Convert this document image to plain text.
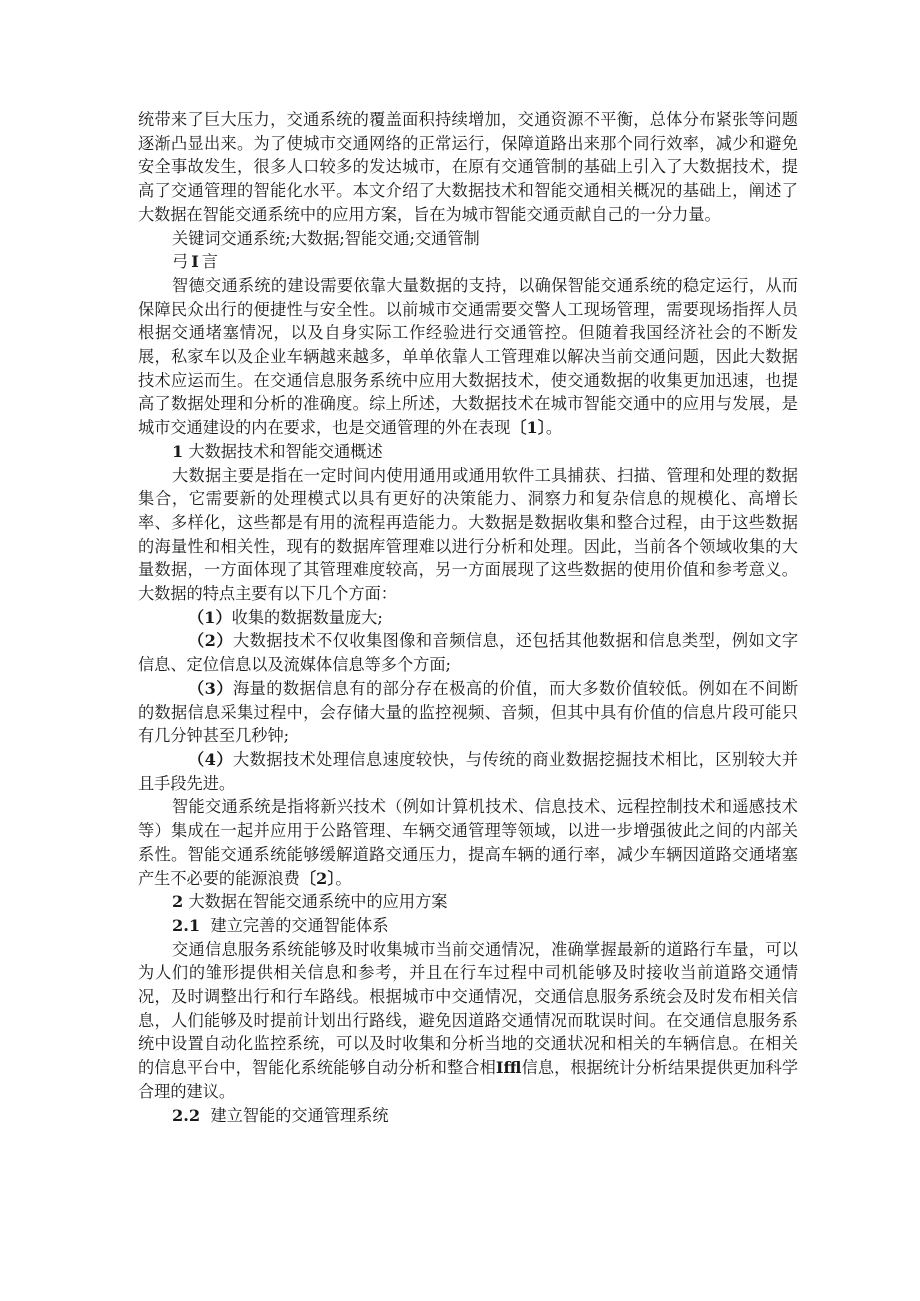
统带来了巨大压力，交通系统的覆盖面积持续增加，交通资源不平衡，总体分布紧张等问题逐渐凸显出来。为了使城市交通网络的正常运行，保障道路出来那个同行效率，减少和避免安全事故发生，很多人口较多的发达城市，在原有交通管制的基础上引入了大数据技术，提高了交通管理的智能化水平。本文介绍了大数据技术和智能交通相关概况的基础上，阐述了大数据在智能交通系统中的应用方案，旨在为城市智能交通贡献自己的一分力量。

关键词交通系统;大数据;智能交通;交通管制

弓 I 言

智德交通系统的建设需要依靠大量数据的支持，以确保智能交通系统的稳定运行，从而保障民众出行的便捷性与安全性。以前城市交通需要交警人工现场管理，需要现场指挥人员根据交通堵塞情况，以及自身实际工作经验进行交通管控。但随着我国经济社会的不断发展，私家车以及企业车辆越来越多，单单依靠人工管理难以解决当前交通问题，因此大数据技术应运而生。在交通信息服务系统中应用大数据技术，使交通数据的收集更加迅速，也提高了数据处理和分析的准确度。综上所述，大数据技术在城市智能交通中的应用与发展，是城市交通建设的内在要求，也是交通管理的外在表现〔1〕。

1 大数据技术和智能交通概述

大数据主要是指在一定时间内使用通用或通用软件工具捕获、扫描、管理和处理的数据集合，它需要新的处理模式以具有更好的决策能力、洞察力和复杂信息的规模化、高增长率、多样化，这些都是有用的流程再造能力。大数据是数据收集和整合过程，由于这些数据的海量性和相关性，现有的数据库管理难以进行分析和处理。因此，当前各个领域收集的大量数据，一方面体现了其管理难度较高，另一方面展现了这些数据的使用价值和参考意义。大数据的特点主要有以下几个方面：

（1）收集的数据数量庞大;

（2）大数据技术不仅收集图像和音频信息，还包括其他数据和信息类型，例如文字信息、定位信息以及流媒体信息等多个方面;

（3）海量的数据信息有的部分存在极高的价值，而大多数价值较低。例如在不间断的数据信息采集过程中，会存储大量的监控视频、音频，但其中具有价值的信息片段可能只有几分钟甚至几秒钟;

（4）大数据技术处理信息速度较快，与传统的商业数据挖掘技术相比，区别较大并且手段先进。

智能交通系统是指将新兴技术（例如计算机技术、信息技术、远程控制技术和遥感技术等）集成在一起并应用于公路管理、车辆交通管理等领域，以进一步增强彼此之间的内部关系性。智能交通系统能够缓解道路交通压力，提高车辆的通行率，减少车辆因道路交通堵塞产生不必要的能源浪费〔2〕。

2 大数据在智能交通系统中的应用方案

2.1 建立完善的交通智能体系

交通信息服务系统能够及时收集城市当前交通情况，准确掌握最新的道路行车量，可以为人们的雏形提供相关信息和参考，并且在行车过程中司机能够及时接收当前道路交通情况，及时调整出行和行车路线。根据城市中交通情况，交通信息服务系统会及时发布相关信息，人们能够及时提前计划出行路线，避免因道路交通情况而耽误时间。在交通信息服务系统中设置自动化监控系统，可以及时收集和分析当地的交通状况和相关的车辆信息。在相关的信息平台中，智能化系统能够自动分析和整合相Iffl信息，根据统计分析结果提供更加科学合理的建议。

2.2 建立智能的交通管理系统
